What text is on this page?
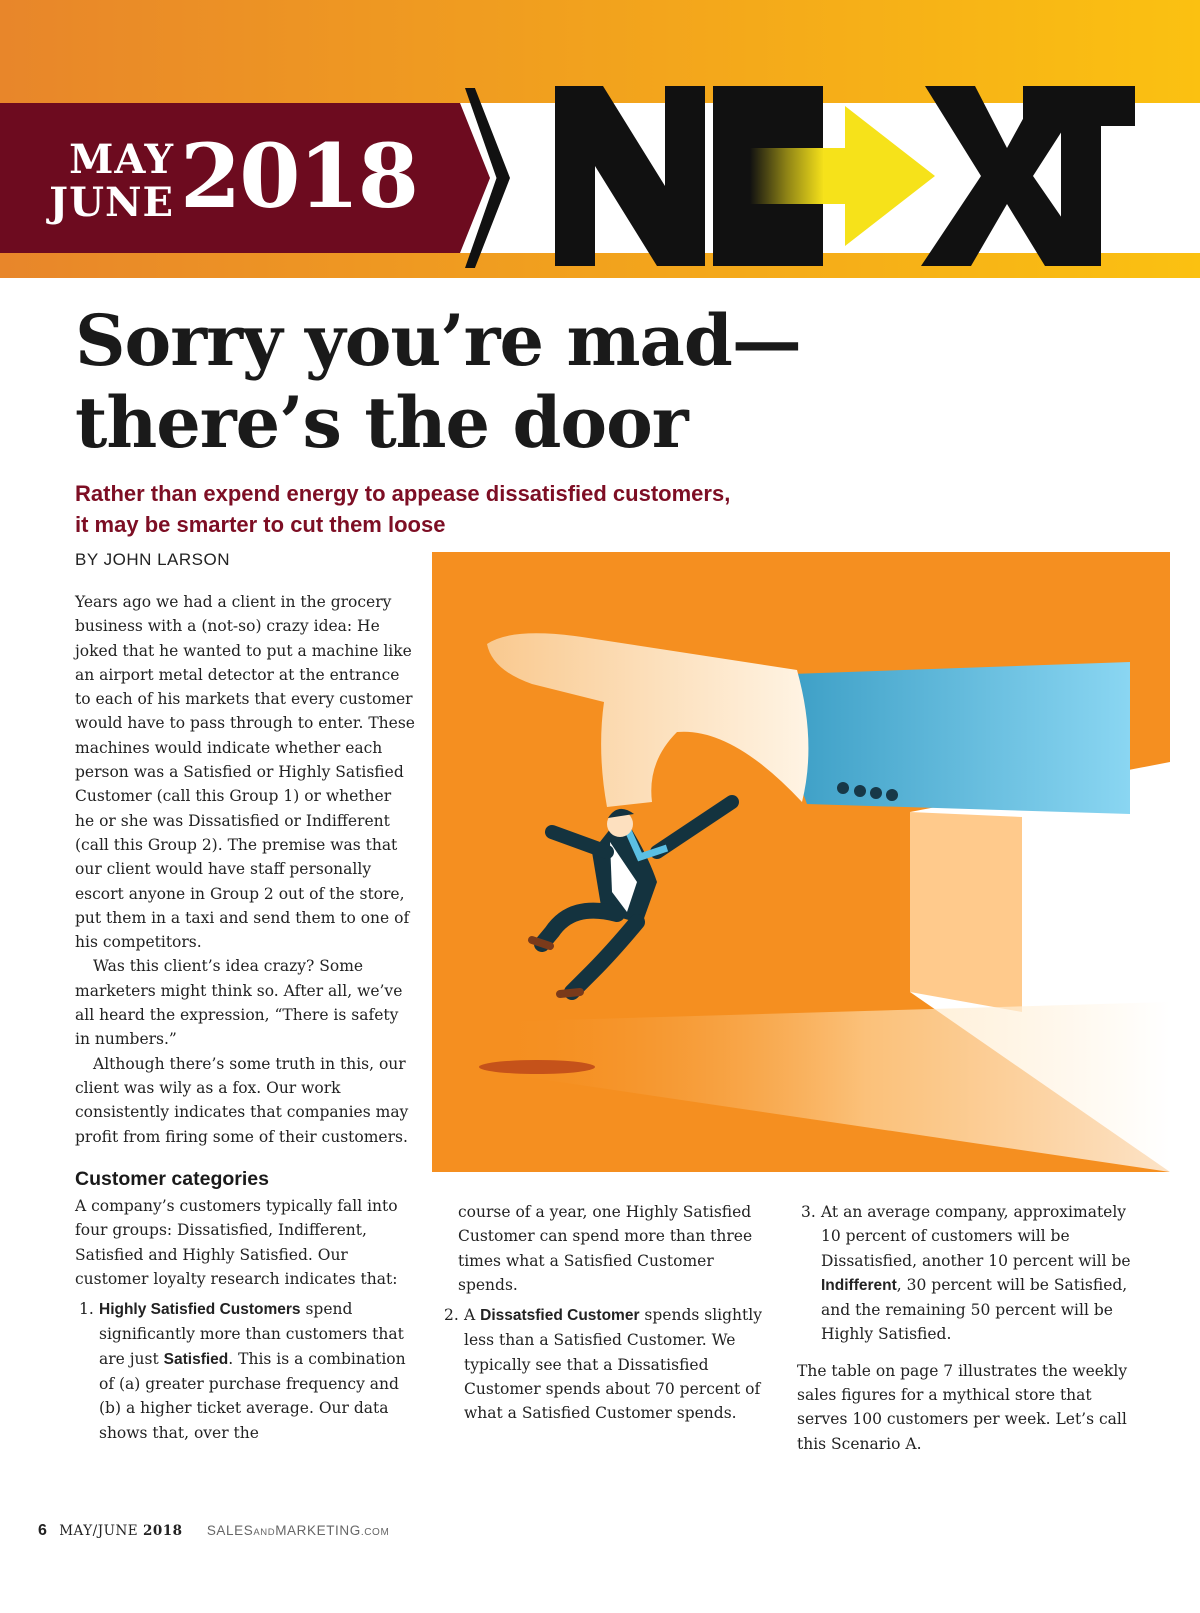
MAY
JUNE 2018
Sorry you’re mad—
there’s the door
Rather than expend energy to appease dissatisfied customers,
it may be smarter to cut them loose
BY JOHN LARSON

Years ago we had a client in the grocery business with a (not-so) crazy idea: He joked that he wanted to put a machine like an airport metal detector at the entrance to each of his markets that every customer would have to pass through to enter. These machines would indicate whether each person was a Satisfied or Highly Satisfied Customer (call this Group 1) or whether he or she was Dissatisfied or Indifferent (call this Group 2). The premise was that our client would have staff personally escort anyone in Group 2 out of the store, put them in a taxi and send them to one of his competitors.

Was this client’s idea crazy? Some marketers might think so. After all, we’ve all heard the expression, “There is safety in numbers.”

Although there’s some truth in this, our client was wily as a fox. Our work consistently indicates that companies may profit from firing some of their customers.

Customer categories

A company’s customers typically fall into four groups: Dissatisfied, Indifferent, Satisfied and Highly Satisfied. Our customer loyalty research indicates that:

1. Highly Satisfied Customers spend significantly more than customers that are just Satisfied. This is a combination of (a) greater purchase frequency and (b) a higher ticket average. Our data shows that, over the

course of a year, one Highly Satisfied Customer can spend more than three times what a Satisfied Customer spends.

2. A Dissatsfied Customer spends slightly less than a Satisfied Customer. We typically see that a Dissatisfied Customer spends about 70 percent of what a Satisfied Customer spends.
3. At an average company, approximately 10 percent of customers will be Dissatisfied, another 10 percent will be Indifferent, 30 percent will be Satisfied, and the remaining 50 percent will be Highly Satisfied.

The table on page 7 illustrates the weekly sales figures for a mythical store that serves 100 customers per week. Let’s call this Scenario A.

6 MAY/JUNE 2018 SALESANDMARKETING.COM
